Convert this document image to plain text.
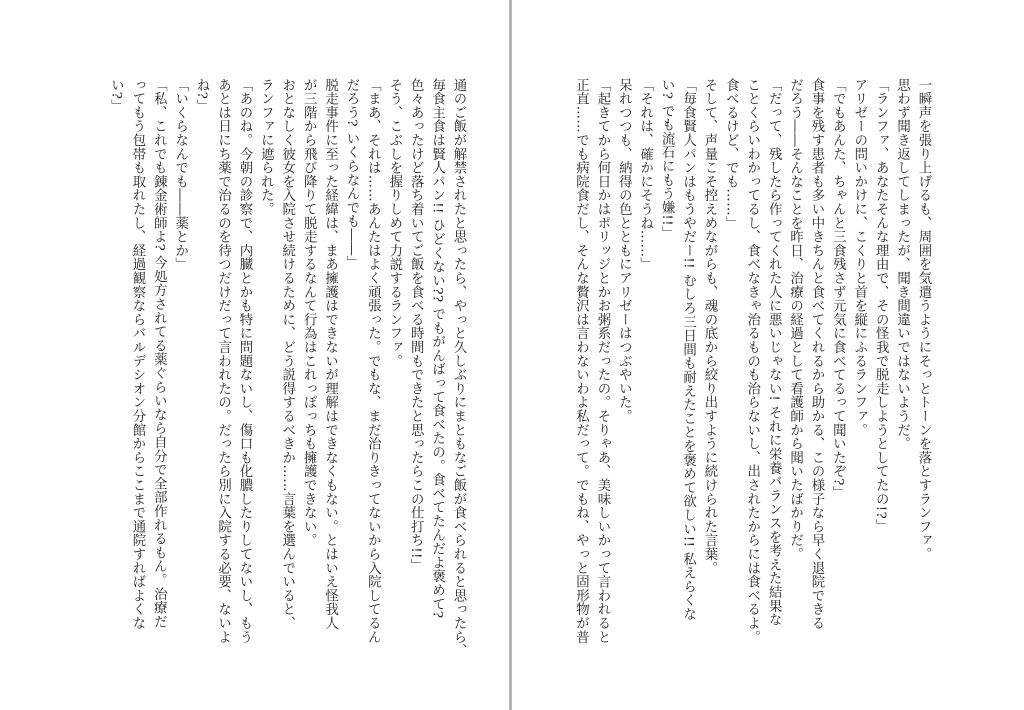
通のご飯が解禁されたと思ったら、やっと久しぶりにまともなご飯が食べられると思ったら、

毎食主食は賢人パン!! ひどくない?? でもがんばって食べたの。食べてたんだよ褒めて?

色々あったけど落ち着いてご飯を食べる時間もできたと思ったらこの仕打ち!!」

そう、こぶしを握りしめて力説するランファ。

「まあ、それは……あんたはよく頑張った。でもな、まだ治りきってないから入院してるん

だろう? いくらなんでも――」

脱走事件に至った経緯は、まあ擁護はできないが理解はできなくもない。とはいえ怪我人

が三階から飛び降りて脱走するなんて行為はこれっぽっちも擁護できない。

おとなしく彼女を入院させ続けるために、どう説得するべきか……言葉を選んでいると、

ランファに遮られた。

「あのね。今朝の診察で、内臓とかも特に問題ないし、傷口も化膿したりしてないし、もう

あとは日にち薬で治るのを待つだけだって言われたの。だったら別に入院する必要、ないよ

ね?」

「いくらなんでも――薬とか」

「私、これでも錬金術師よ? 今処方されてる薬ぐらいなら自分で全部作れるもん。治療だ

ってもう包帯も取れたし、経過観察ならバルデシオン分館からここまで通院すればよくな

い?」	一瞬声を張り上げるも、周囲を気遣うようにそっとトーンを落とすランファ。

思わず聞き返してしまったが、聞き間違いではないようだ。

「ランファ、あなたそんな理由で、その怪我で脱走しようとしてたの!?」

アリゼーの問いかけに、こくりと首を縦にふるランファ。

「でもあんた、ちゃんと三食残さず元気に食べてるって聞いたぞ?」

食事を残す患者も多い中きちんと食べてくれるから助かる、この様子なら早く退院できる

だろう――そんなことを昨日、治療の経過として看護師から聞いたばかりだ。

「だって、残したら作ってくれた人に悪いじゃない! それに栄養バランスを考えた結果な

ことくらいわかってるし、食べなきゃ治るものも治らないし、出されたからには食べるよ。

食べるけど、でも……」

そして、声量こそ控えめながらも、魂の底から絞り出すように続けられた言葉。

「毎食賢人パンはもうやだー!! むしろ三日間も耐えたことを褒めて欲しい!! 私えらくな

い? でも流石にもう嫌!!」

「それは、確かにそうね……」

呆れつつも、納得の色とともにアリゼーはつぶやいた。

「起きてから何日かはポリッジとかお粥系だったの。そりゃあ、美味しいかって言われると

正直……でも病院食だし、そんな贅沢は言わないわよ私だって。でもね、やっと固形物が普
